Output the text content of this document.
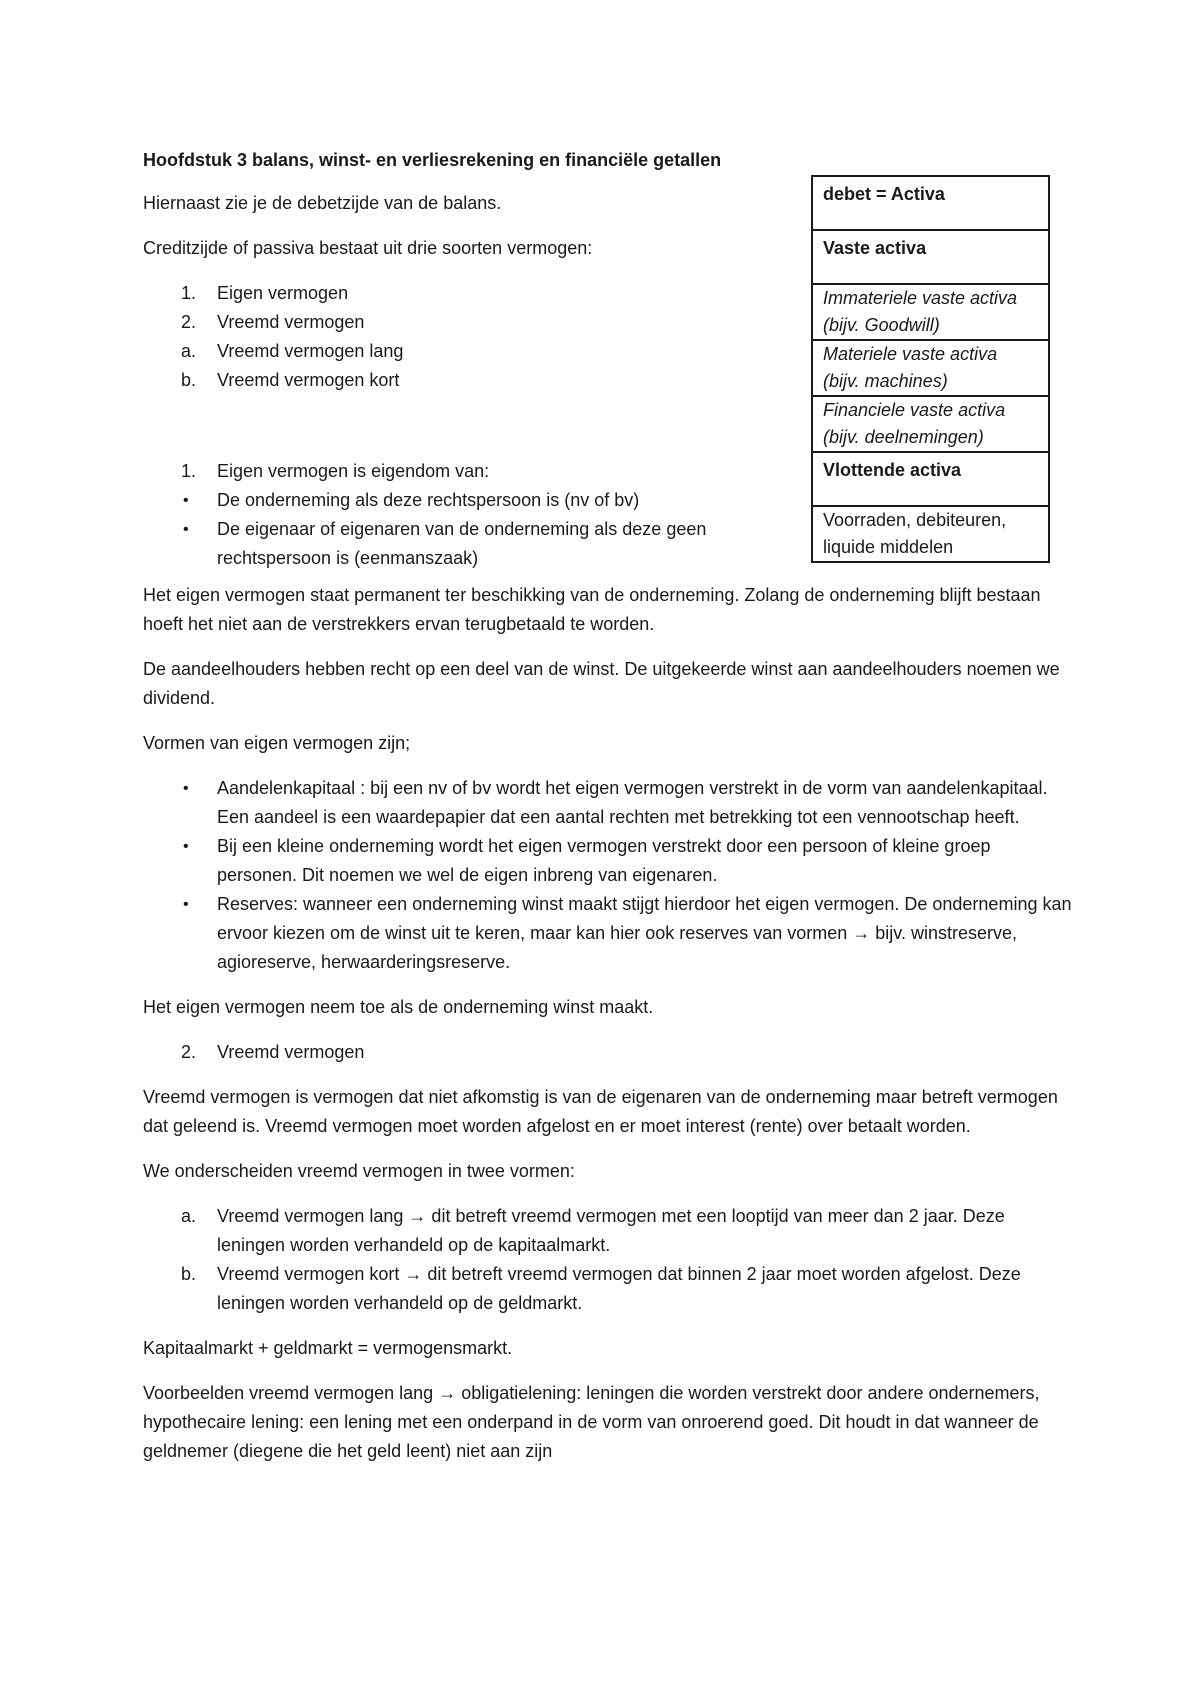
debet = Activa
Vaste activa
Immateriele vaste activa (bijv. Goodwill)
Materiele vaste activa (bijv. machines)
Financiele vaste activa (bijv. deelnemingen)
Vlottende activa
Voorraden, debiteuren, liquide middelen
Hoofdstuk 3 balans, winst- en verliesrekening en financiële getallen

Hiernaast zie je de debetzijde van de balans.

Creditzijde of passiva bestaat uit drie soorten vermogen:

1. Eigen vermogen
2. Vreemd vermogen
a. Vreemd vermogen lang
b. Vreemd vermogen kort
1. Eigen vermogen is eigendom van:
• De onderneming als deze rechtspersoon is (nv of bv)
• De eigenaar of eigenaren van de onderneming als deze geen rechtspersoon is (eenmanszaak)

Het eigen vermogen staat permanent ter beschikking van de onderneming. Zolang de onderneming blijft bestaan hoeft het niet aan de verstrekkers ervan terugbetaald te worden.

De aandeelhouders hebben recht op een deel van de winst. De uitgekeerde winst aan aandeelhouders noemen we dividend.

Vormen van eigen vermogen zijn;

• Aandelenkapitaal : bij een nv of bv wordt het eigen vermogen verstrekt in de vorm van aandelenkapitaal. Een aandeel is een waardepapier dat een aantal rechten met betrekking tot een vennootschap heeft.
• Bij een kleine onderneming wordt het eigen vermogen verstrekt door een persoon of kleine groep personen. Dit noemen we wel de eigen inbreng van eigenaren.
• Reserves: wanneer een onderneming winst maakt stijgt hierdoor het eigen vermogen. De onderneming kan ervoor kiezen om de winst uit te keren, maar kan hier ook reserves van vormen → bijv. winstreserve, agioreserve, herwaarderingsreserve.

Het eigen vermogen neem toe als de onderneming winst maakt.

2. Vreemd vermogen

Vreemd vermogen is vermogen dat niet afkomstig is van de eigenaren van de onderneming maar betreft vermogen dat geleend is. Vreemd vermogen moet worden afgelost en er moet interest (rente) over betaalt worden.

We onderscheiden vreemd vermogen in twee vormen:

a. Vreemd vermogen lang → dit betreft vreemd vermogen met een looptijd van meer dan 2 jaar. Deze leningen worden verhandeld op de kapitaalmarkt.
b. Vreemd vermogen kort → dit betreft vreemd vermogen dat binnen 2 jaar moet worden afgelost. Deze leningen worden verhandeld op de geldmarkt.

Kapitaalmarkt + geldmarkt = vermogensmarkt.

Voorbeelden vreemd vermogen lang → obligatielening: leningen die worden verstrekt door andere ondernemers, hypothecaire lening: een lening met een onderpand in de vorm van onroerend goed. Dit houdt in dat wanneer de geldnemer (diegene die het geld leent) niet aan zijn
